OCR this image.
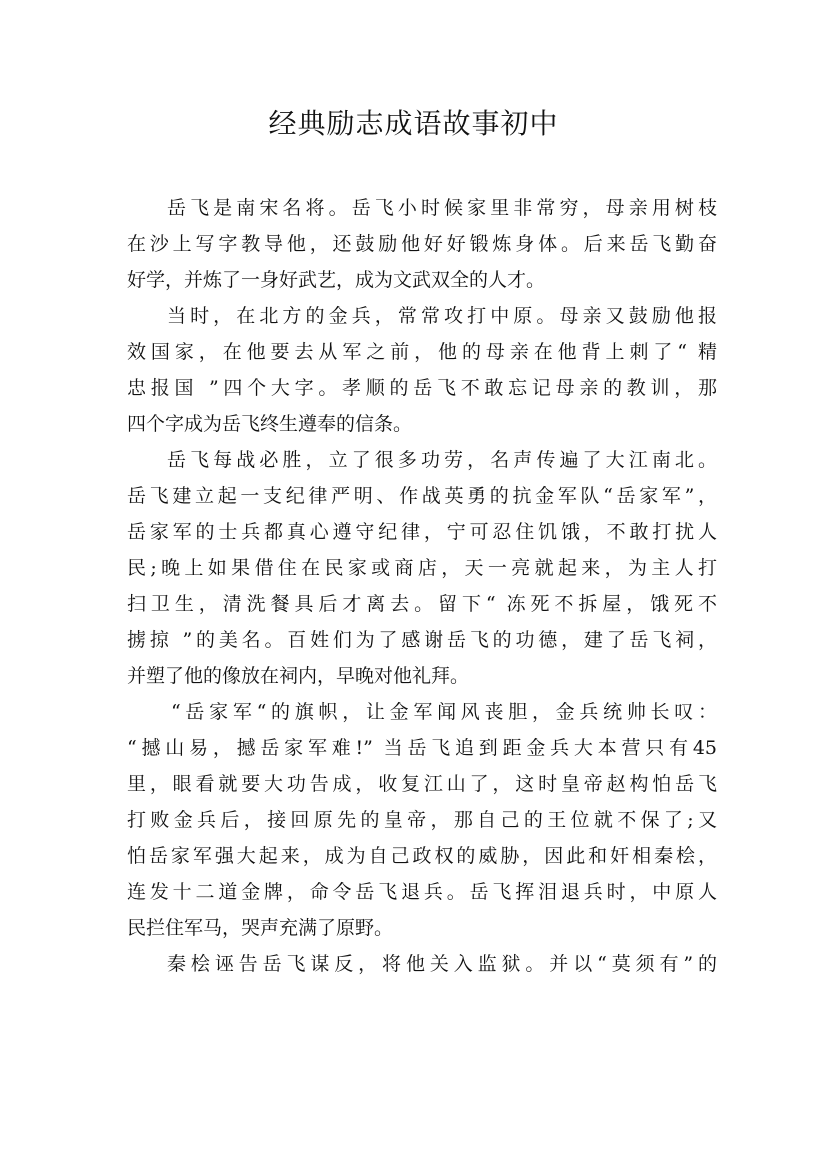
经典励志成语故事初中
岳飞是南宋名将。岳飞小时候家里非常穷，母亲用树枝
在沙上写字教导他，还鼓励他好好锻炼身体。后来岳飞勤奋
好学，并炼了一身好武艺，成为文武双全的人才。
当时，在北方的金兵，常常攻打中原。母亲又鼓励他报
效国家，在他要去从军之前，他的母亲在他背上刺了“ 精
忠报国 ”四个大字。孝顺的岳飞不敢忘记母亲的教训，那
四个字成为岳飞终生遵奉的信条。
岳飞每战必胜，立了很多功劳，名声传遍了大江南北。
岳飞建立起一支纪律严明、作战英勇的抗金军队“岳家军”，
岳家军的士兵都真心遵守纪律，宁可忍住饥饿，不敢打扰人
民;晚上如果借住在民家或商店，天一亮就起来，为主人打
扫卫生，清洗餐具后才离去。留下“ 冻死不拆屋，饿死不
掳掠 ”的美名。百姓们为了感谢岳飞的功德，建了岳飞祠，
并塑了他的像放在祠内，早晚对他礼拜。
“岳家军“的旗帜，让金军闻风丧胆，金兵统帅长叹：
“撼山易，撼岳家军难!” 当岳飞追到距金兵大本营只有45
里，眼看就要大功告成，收复江山了，这时皇帝赵构怕岳飞
打败金兵后，接回原先的皇帝，那自己的王位就不保了;又
怕岳家军强大起来，成为自己政权的威胁，因此和奸相秦桧，
连发十二道金牌，命令岳飞退兵。岳飞挥泪退兵时，中原人
民拦住军马，哭声充满了原野。
秦桧诬告岳飞谋反，将他关入监狱。并以“莫须有”的
